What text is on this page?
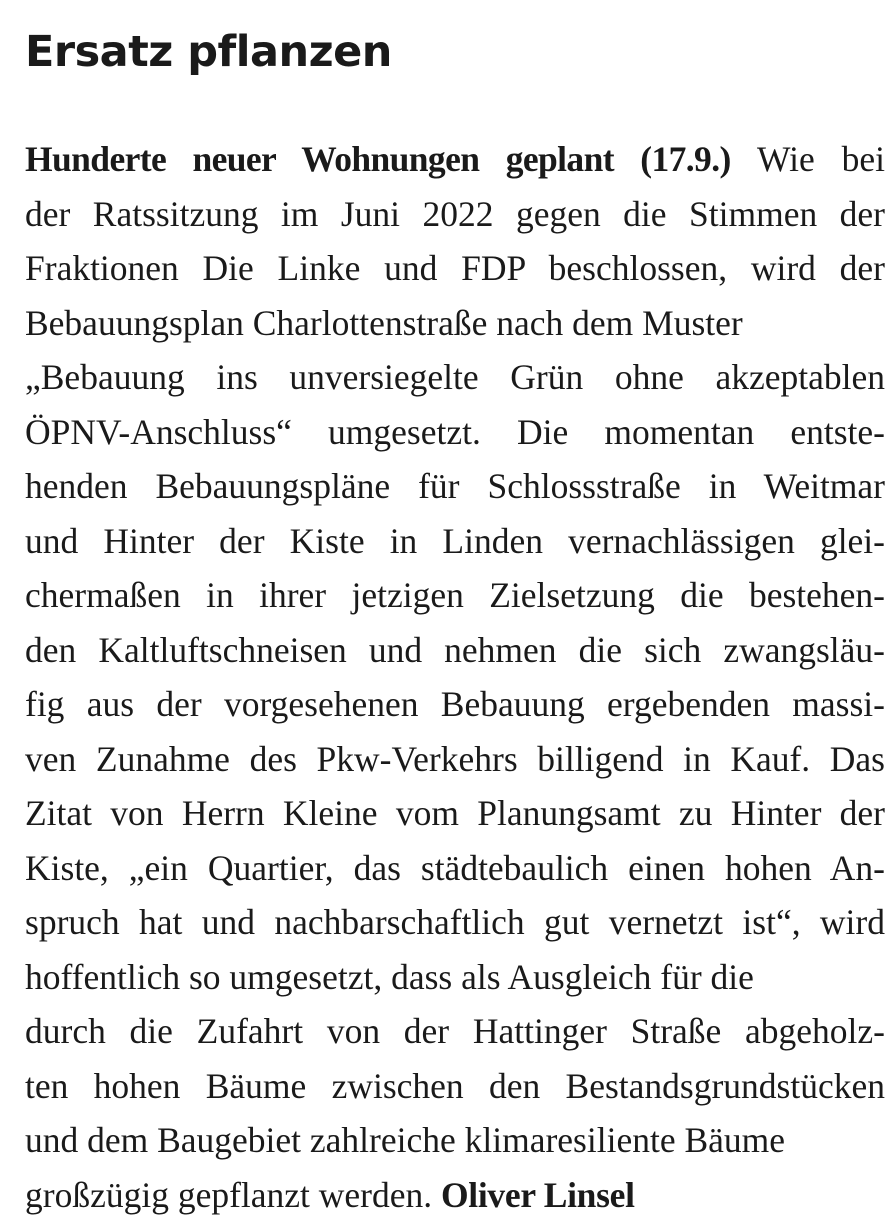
Ersatz pflanzen
Hunderte neuer Wohnungen geplant (17.9.) Wie bei
der Ratssitzung im Juni 2022 gegen die Stimmen der
Fraktionen Die Linke und FDP beschlossen, wird der
Bebauungsplan Charlottenstraße nach dem Muster
„Bebauung ins unversiegelte Grün ohne akzeptablen
ÖPNV-Anschluss“ umgesetzt. Die momentan entste-
henden Bebauungspläne für Schlossstraße in Weitmar
und Hinter der Kiste in Linden vernachlässigen glei-
chermaßen in ihrer jetzigen Zielsetzung die bestehen-
den Kaltluftschneisen und nehmen die sich zwangsläu-
fig aus der vorgesehenen Bebauung ergebenden massi-
ven Zunahme des Pkw-Verkehrs billigend in Kauf. Das
Zitat von Herrn Kleine vom Planungsamt zu Hinter der
Kiste, „ein Quartier, das städtebaulich einen hohen An-
spruch hat und nachbarschaftlich gut vernetzt ist“, wird
hoffentlich so umgesetzt, dass als Ausgleich für die
durch die Zufahrt von der Hattinger Straße abgeholz-
ten hohen Bäume zwischen den Bestandsgrundstücken
und dem Baugebiet zahlreiche klimaresiliente Bäume
großzügig gepflanzt werden. Oliver Linsel
